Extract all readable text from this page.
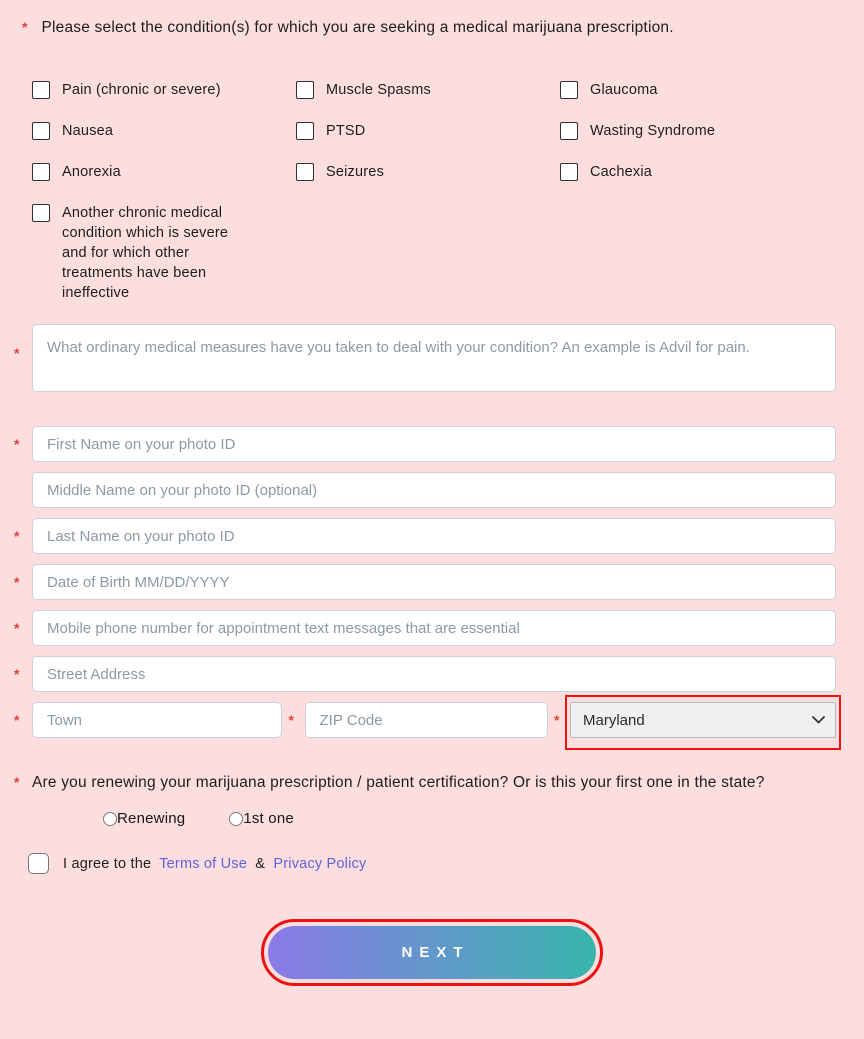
* Please select the condition(s) for which you are seeking a medical marijuana prescription.
Pain (chronic or severe)
Nausea
Anorexia
Another chronic medical condition which is severe and for which other treatments have been ineffective
Muscle Spasms
PTSD
Seizures
Glaucoma
Wasting Syndrome
Cachexia
*
What ordinary medical measures have you taken to deal with your condition? An example is Advil for pain.
*
First Name on your photo ID
Middle Name on your photo ID (optional)
*
Last Name on your photo ID
*
Date of Birth MM/DD/YYYY
*
Mobile phone number for appointment text messages that are essential
*
Street Address
*
Town	*
ZIP Code	*
Maryland
* Are you renewing your marijuana prescription / patient certification? Or is this your first one in the state?

Renewing	1st one
I agree to the Terms of Use & Privacy Policy
NEXT
